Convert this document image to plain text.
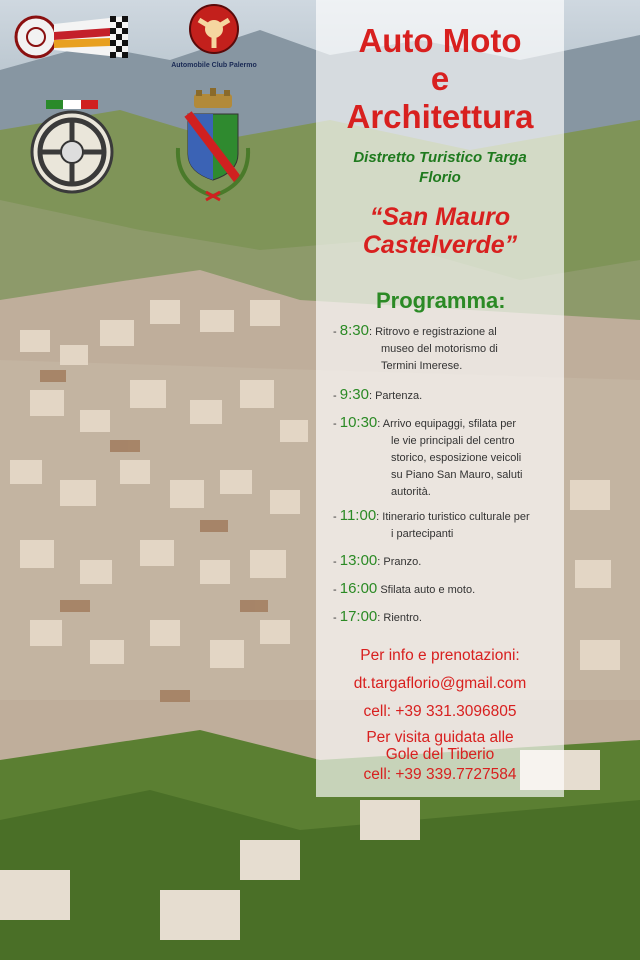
Automobile Club Palermo
Auto Moto
e
Architettura
Distretto Turistico Targa
Florio
“San Mauro
Castelverde”
Programma:
- 8:30: Ritrovo e registrazione al
museo del motorismo di
Termini Imerese.
- 9:30: Partenza.
- 10:30: Arrivo equipaggi, sfilata per
le vie principali del centro
storico, esposizione veicoli
su Piano San Mauro, saluti
autorità.
- 11:00: Itinerario turistico culturale per
i partecipanti
- 13:00: Pranzo.
- 16:00 Sfilata auto e moto.
- 17:00: Rientro.
Per info e prenotazioni:
dt.targaflorio@gmail.com
cell: +39 331.3096805
Per visita guidata alle
Gole del Tiberio
cell: +39 339.7727584
